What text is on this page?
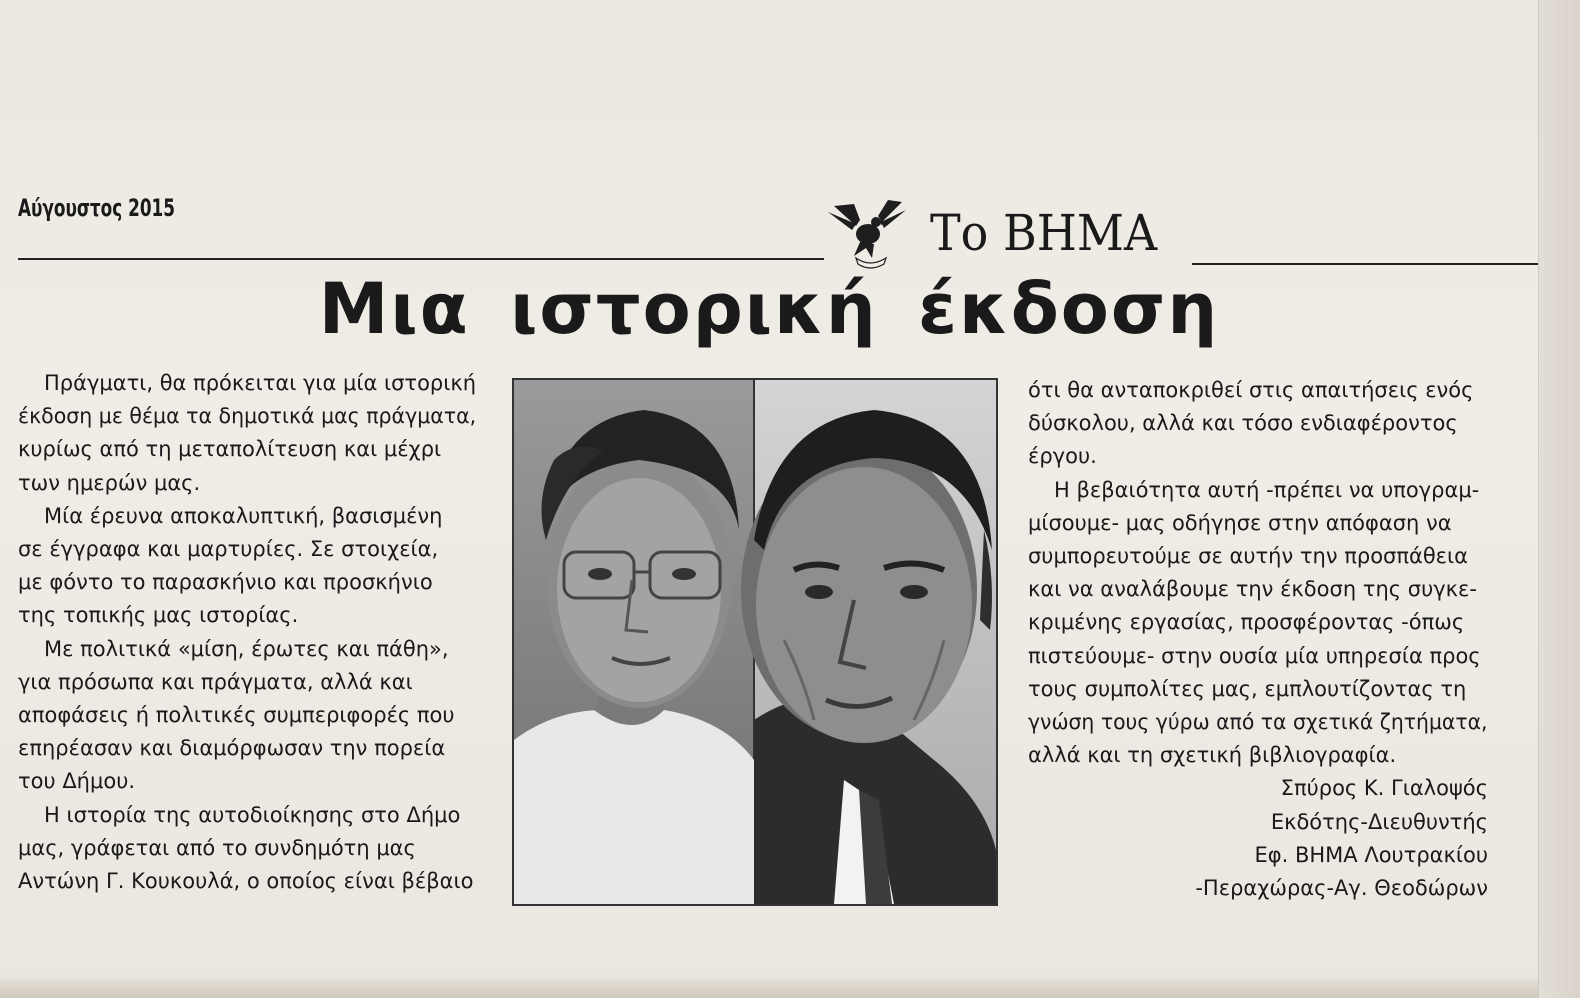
Αύγουστος 2015	Το ΒΗΜΑ
Μια ιστορική έκδοση
Πράγματι, θα πρόκειται για μία ιστορική
έκδοση με θέμα τα δημοτικά μας πράγματα,
κυρίως από τη μεταπολίτευση και μέχρι
των ημερών μας.
Μία έρευνα αποκαλυπτική, βασισμένη
σε έγγραφα και μαρτυρίες. Σε στοιχεία,
με φόντο το παρασκήνιο και προσκήνιο
της τοπικής μας ιστορίας.
Με πολιτικά «μίση, έρωτες και πάθη»,
για πρόσωπα και πράγματα, αλλά και
αποφάσεις ή πολιτικές συμπεριφορές που
επηρέασαν και διαμόρφωσαν την πορεία
του Δήμου.
Η ιστορία της αυτοδιοίκησης στο Δήμο
μας, γράφεται από το συνδημότη μας
Αντώνη Γ. Κουκουλά, ο οποίος είναι βέβαιο
ότι θα ανταποκριθεί στις απαιτήσεις ενός
δύσκολου, αλλά και τόσο ενδιαφέροντος
έργου.
Η βεβαιότητα αυτή -πρέπει να υπογραμ-
μίσουμε- μας οδήγησε στην απόφαση να
συμπορευτούμε σε αυτήν την προσπάθεια
και να αναλάβουμε την έκδοση της συγκε-
κριμένης εργασίας, προσφέροντας -όπως
πιστεύουμε- στην ουσία μία υπηρεσία προς
τους συμπολίτες μας, εμπλουτίζοντας τη
γνώση τους γύρω από τα σχετικά ζητήματα,
αλλά και τη σχετική βιβλιογραφία.
Σπύρος Κ. Γιαλοψός
Εκδότης-Διευθυντής
Εφ. ΒΗΜΑ Λουτρακίου
-Περαχώρας-Αγ. Θεοδώρων
